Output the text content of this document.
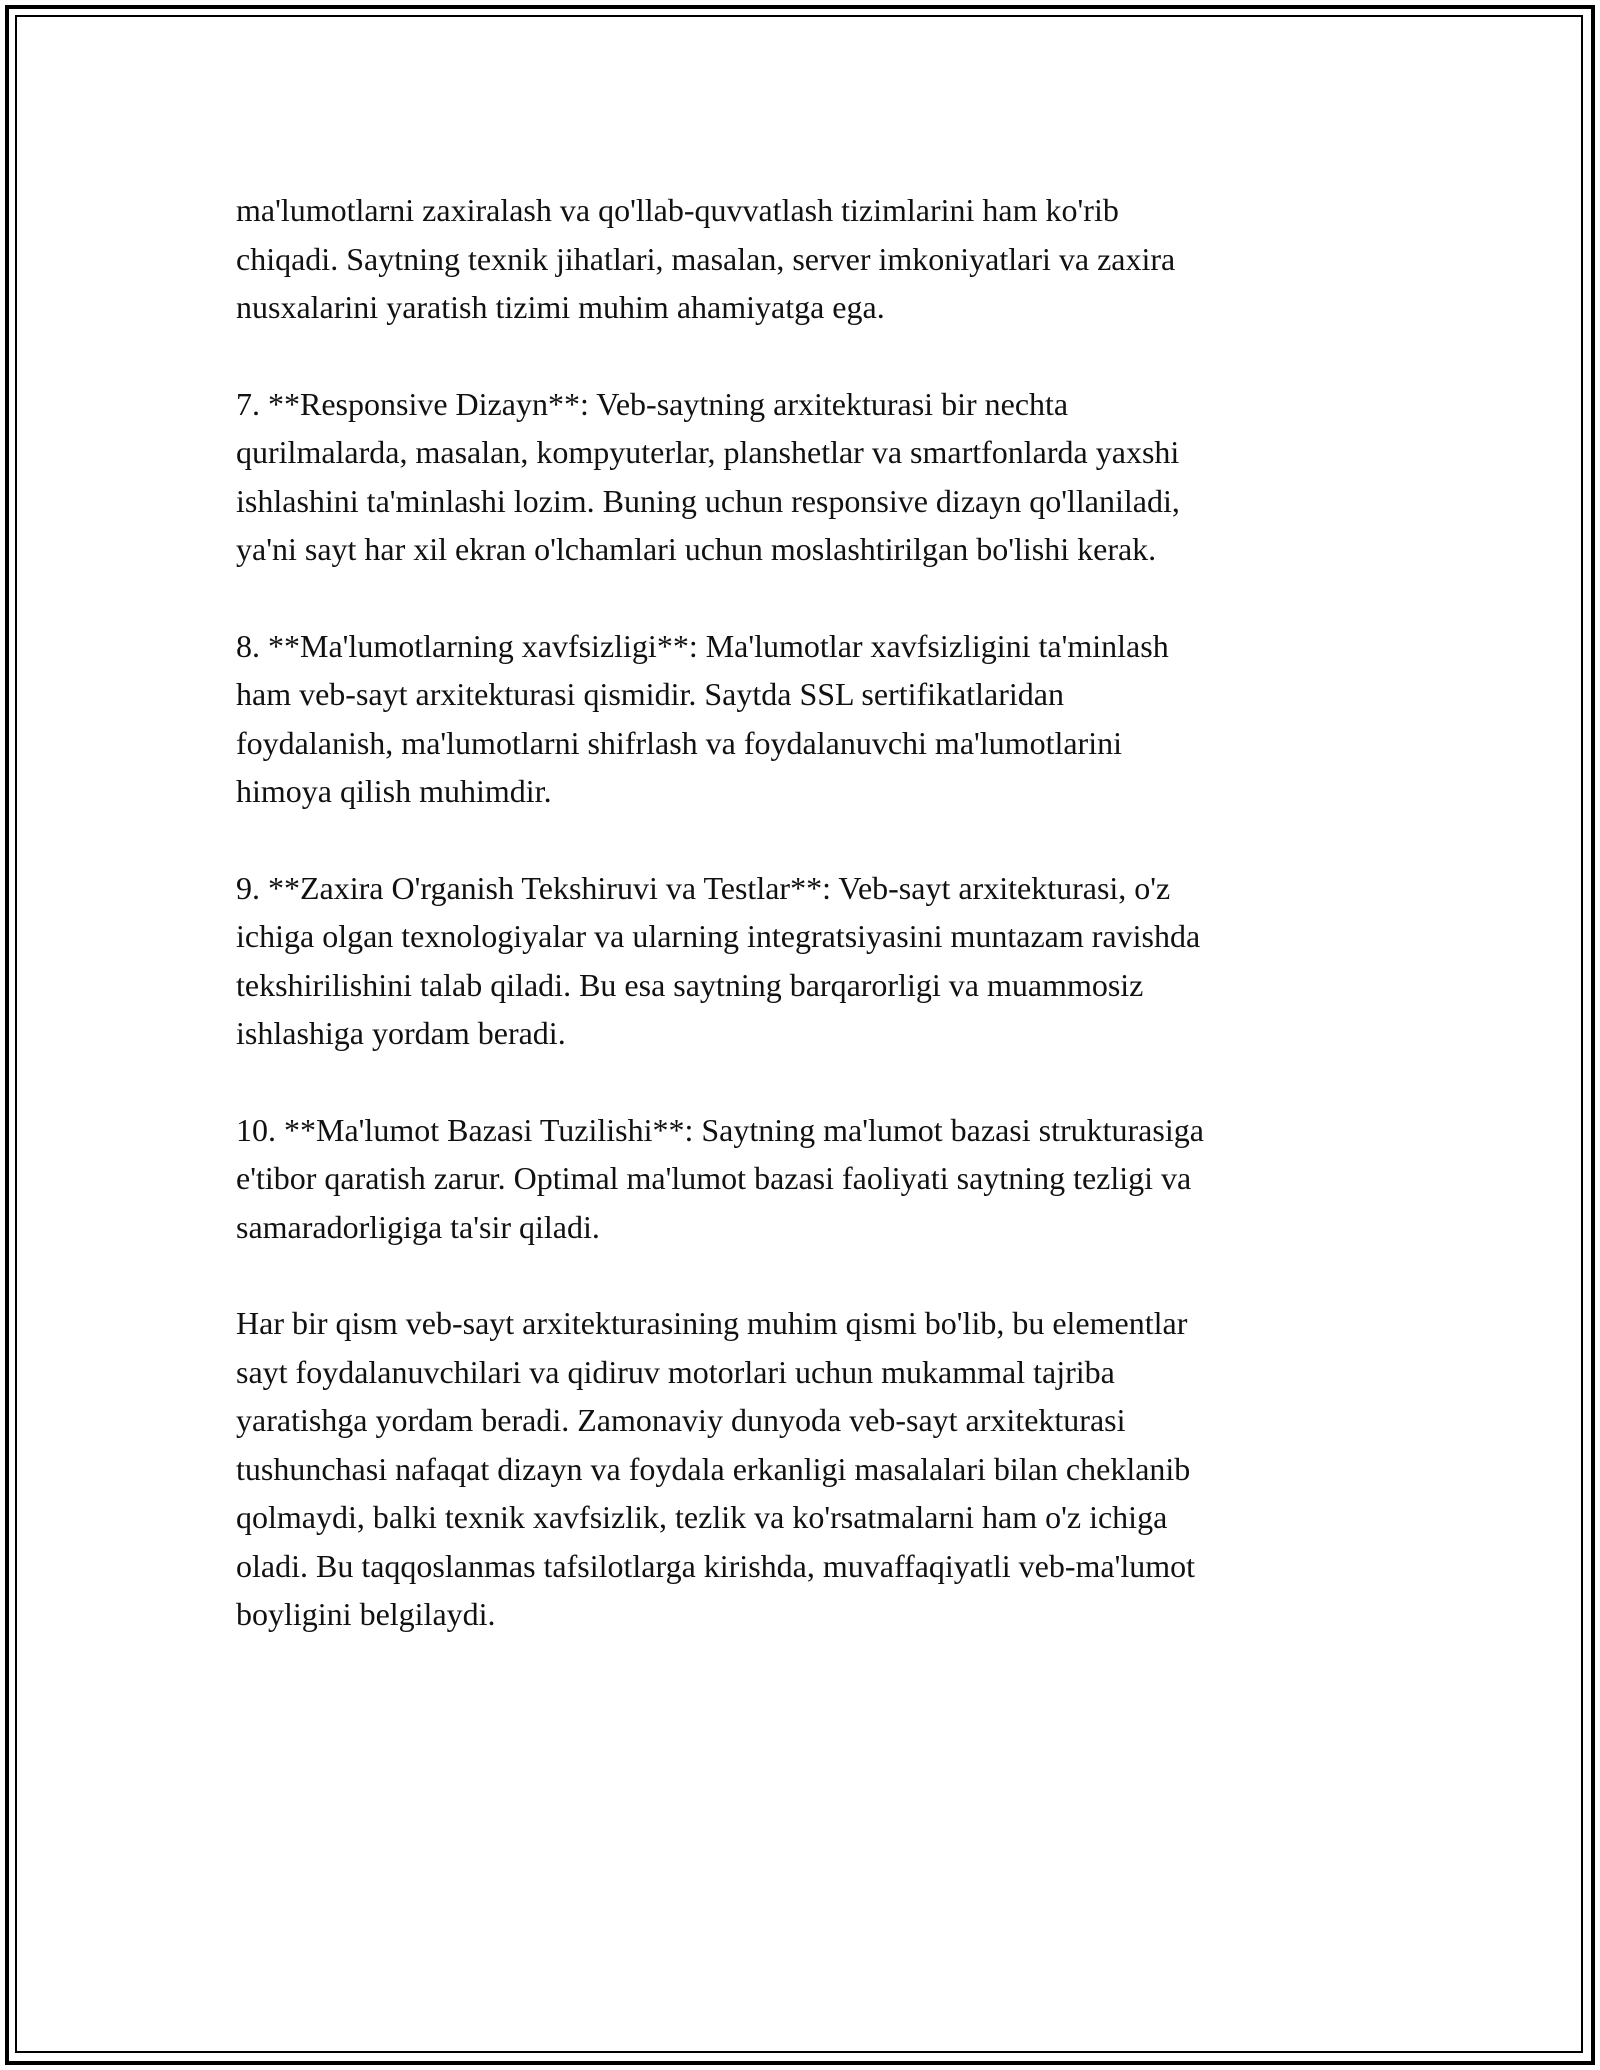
ma'lumotlarni zaxiralash va qo'llab-quvvatlash tizimlarini ham ko'rib
chiqadi. Saytning texnik jihatlari, masalan, server imkoniyatlari va zaxira
nusxalarini yaratish tizimi muhim ahamiyatga ega.

7. **Responsive Dizayn**: Veb-saytning arxitekturasi bir nechta
qurilmalarda, masalan, kompyuterlar, planshetlar va smartfonlarda yaxshi
ishlashini ta'minlashi lozim. Buning uchun responsive dizayn qo'llaniladi,
ya'ni sayt har xil ekran o'lchamlari uchun moslashtirilgan bo'lishi kerak.

8. **Ma'lumotlarning xavfsizligi**: Ma'lumotlar xavfsizligini ta'minlash
ham veb-sayt arxitekturasi qismidir. Saytda SSL sertifikatlaridan
foydalanish, ma'lumotlarni shifrlash va foydalanuvchi ma'lumotlarini
himoya qilish muhimdir.

9. **Zaxira O'rganish Tekshiruvi va Testlar**: Veb-sayt arxitekturasi, o'z
ichiga olgan texnologiyalar va ularning integratsiyasini muntazam ravishda
tekshirilishini talab qiladi. Bu esa saytning barqarorligi va muammosiz
ishlashiga yordam beradi.

10. **Ma'lumot Bazasi Tuzilishi**: Saytning ma'lumot bazasi strukturasiga
e'tibor qaratish zarur. Optimal ma'lumot bazasi faoliyati saytning tezligi va
samaradorligiga ta'sir qiladi.

Har bir qism veb-sayt arxitekturasining muhim qismi bo'lib, bu elementlar
sayt foydalanuvchilari va qidiruv motorlari uchun mukammal tajriba
yaratishga yordam beradi. Zamonaviy dunyoda veb-sayt arxitekturasi
tushunchasi nafaqat dizayn va foydala erkanligi masalalari bilan cheklanib
qolmaydi, balki texnik xavfsizlik, tezlik va ko'rsatmalarni ham o'z ichiga
oladi. Bu taqqoslanmas tafsilotlarga kirishda, muvaffaqiyatli veb-ma'lumot
boyligini belgilaydi.
